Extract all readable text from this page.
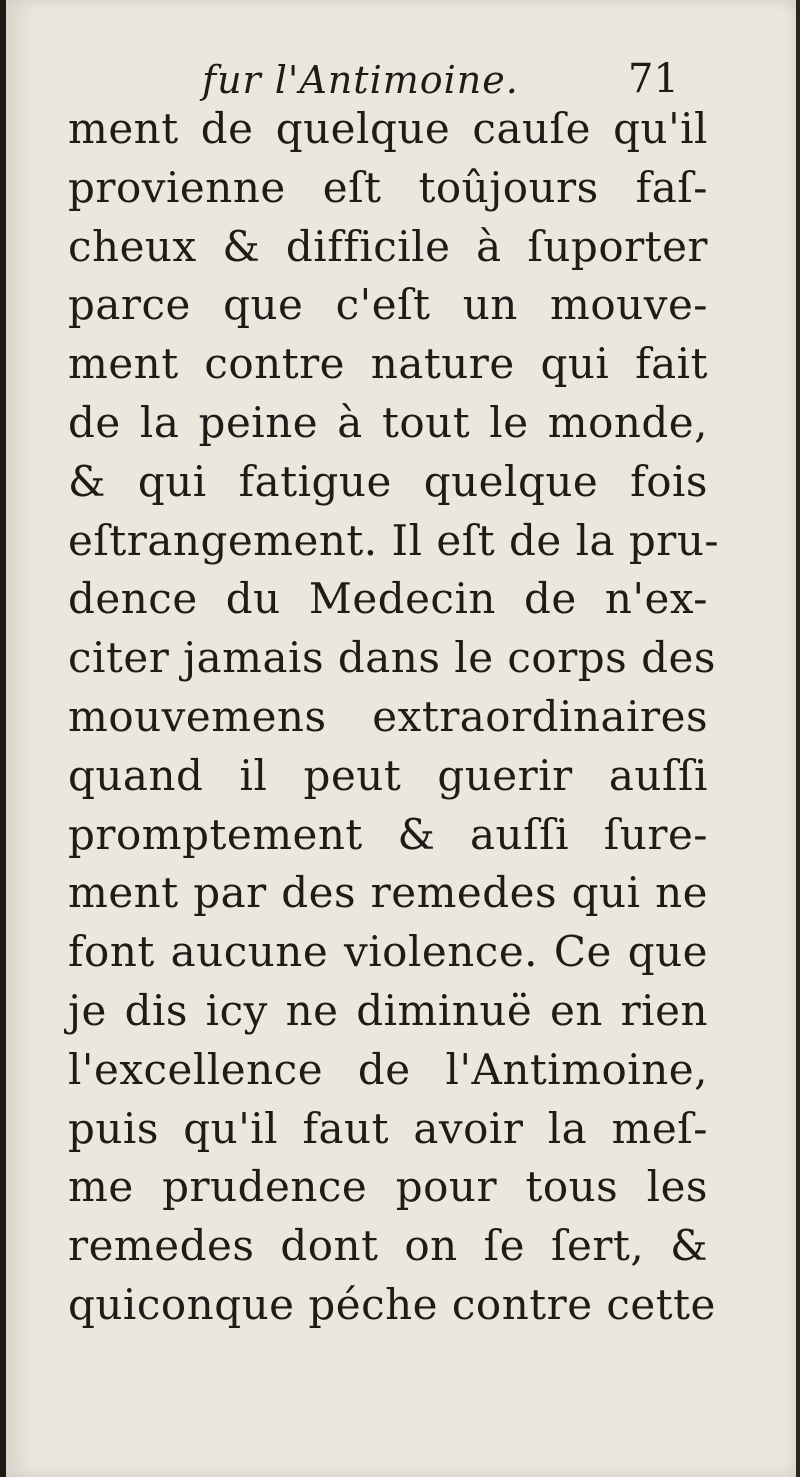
fur l'Antimoine.	71
ment de quelque cauſe qu'il
provienne eſt toûjours faſ-
cheux & difficile à ſuporter
parce que c'eſt un mouve-
ment contre nature qui fait
de la peine à tout le monde,
& qui fatigue quelque fois
eſtrangement. Il eſt de la pru-
dence du Medecin de n'ex-
citer jamais dans le corps des
mouvemens extraordinaires
quand il peut guerir auſſi
promptement & auſſi ſure-
ment par des remedes qui ne
font aucune violence. Ce que
je dis icy ne diminuë en rien
l'excellence de l'Antimoine,
puis qu'il faut avoir la meſ-
me prudence pour tous les
remedes dont on ſe ſert, &
quiconque péche contre cette
